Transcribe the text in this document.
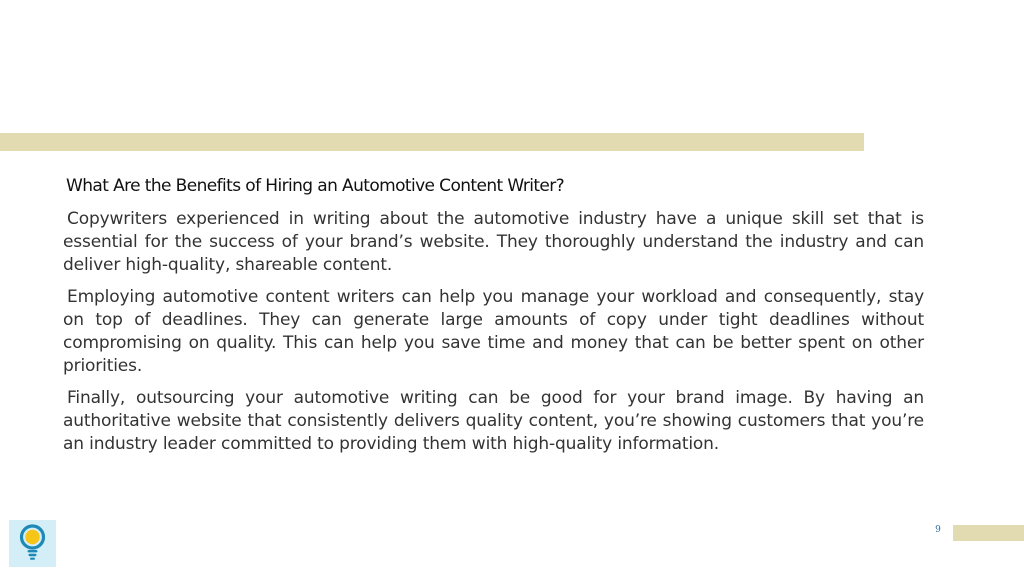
What Are the Benefits of Hiring an Automotive Content Writer?

Copywriters experienced in writing about the automotive industry have a unique skill set that is essential for the success of your brand’s website. They thoroughly understand the industry and can deliver high-quality, shareable content.

Employing automotive content writers can help you manage your workload and consequently, stay on top of deadlines. They can generate large amounts of copy under tight deadlines without compromising on quality. This can help you save time and money that can be better spent on other priorities.

Finally, outsourcing your automotive writing can be good for your brand image. By having an authoritative website that consistently delivers quality content, you’re showing customers that you’re an industry leader committed to providing them with high-quality information.

9
